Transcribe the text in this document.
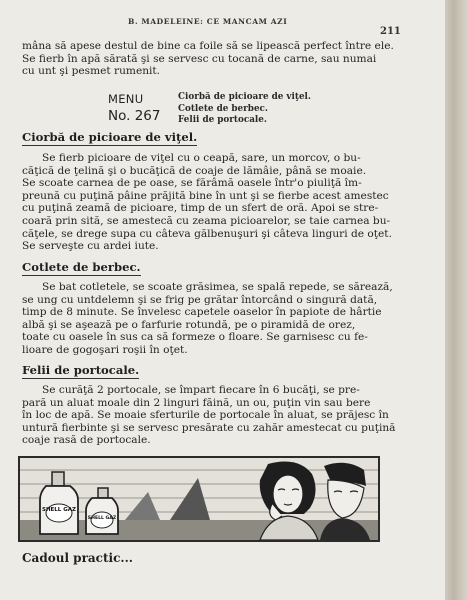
B. MADELEINE: CE MANCAM AZI
211
mâna să apese destul de bine ca foile să se lipească perfect între ele.
Se fierb în apă sărată şi se servesc cu tocană de carne, sau numai
cu unt şi pesmet rumenit.
MENU
No. 267
Ciorbă de picioare de viţel.
Cotlete de berbec.
Felii de portocale.
Ciorbă de picioare de viţel.
Se fierb picioare de viţel cu o ceapă, sare, un morcov, o bu-
căţică de ţelină şi o bucăţică de coaje de lămâie, până se moaie.
Se scoate carnea de pe oase, se fărâmă oasele într'o piuliţă îm-
preună cu puţină pâine prăjită bine în unt şi se fierbe acest amestec
cu puţină zeamă de picioare, timp de un sfert de oră. Apoi se stre-
coară prin sită, se amestecă cu zeama picioarelor, se taie carnea bu-
căţele, se drege supa cu câteva gălbenuşuri şi câteva linguri de oţet.
Se serveşte cu ardei iute.
Cotlete de berbec.
Se bat cotletele, se scoate grăsimea, se spală repede, se sărează,
se ung cu untdelemn şi se frig pe grătar întorcând o singură dată,
timp de 8 minute. Se învelesc capetele oaselor în papiote de hârtie
albă şi se aşează pe o farfurie rotundă, pe o piramidă de orez,
toate cu oasele în sus ca să formeze o floare. Se garnisesc cu fe-
lioare de gogoşari roşii în oţet.
Felii de portocale.
Se curăţă 2 portocale, se împart fiecare în 6 bucăţi, se pre-
pară un aluat moale din 2 linguri făină, un ou, puţin vin sau bere
în loc de apă. Se moaie sferturile de portocale în aluat, se prăjesc în
untură fierbinte şi se servesc presărate cu zahăr amestecat cu puţină
coaje rasă de portocale.
SHELL GAZ
SHELL GAZ
Cadoul practic...
